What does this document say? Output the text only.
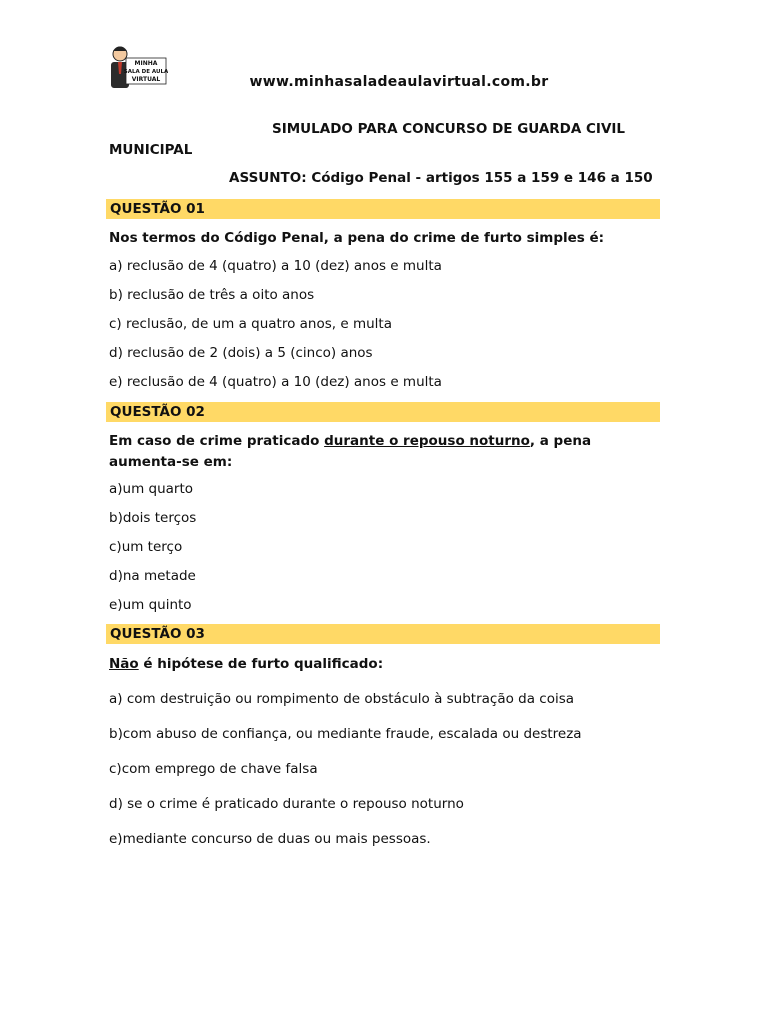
MINHA
SALA DE AULA
VIRTUAL	www.minhasaladeaulavirtual.com.br
SIMULADO PARA CONCURSO DE GUARDA CIVIL
MUNICIPAL
ASSUNTO: Código Penal - artigos 155 a 159 e 146 a 150
QUESTÃO 01
Nos termos do Código Penal, a pena do crime de furto simples é:
a) reclusão de 4 (quatro) a 10 (dez) anos e multa
b) reclusão de três a oito anos
c) reclusão, de um a quatro anos, e multa
d) reclusão de 2 (dois) a 5 (cinco) anos
e) reclusão de 4 (quatro) a 10 (dez) anos e multa
QUESTÃO 02
Em caso de crime praticado durante o repouso noturno, a pena aumenta-se em:
a)um quarto
b)dois terços
c)um terço
d)na metade
e)um quinto
QUESTÃO 03
Não é hipótese de furto qualificado:
a) com destruição ou rompimento de obstáculo à subtração da coisa
b)com abuso de confiança, ou mediante fraude, escalada ou destreza
c)com emprego de chave falsa
d) se o crime é praticado durante o repouso noturno
e)mediante concurso de duas ou mais pessoas.
